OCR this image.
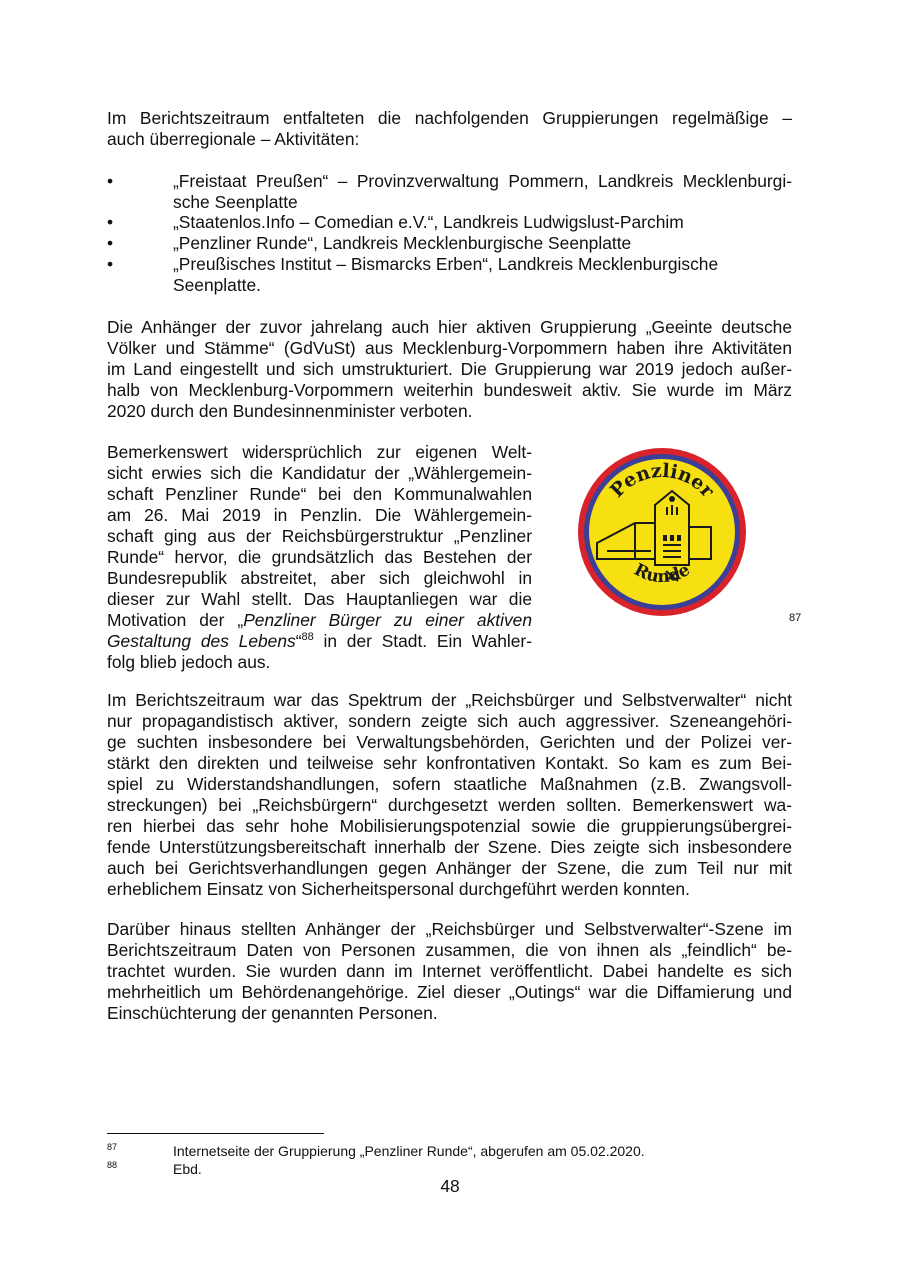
Im Berichtszeitraum entfalteten die nachfolgenden Gruppierungen regelmäßige –
auch überregionale – Aktivitäten:
•	„Freistaat Preußen“ – Provinzverwaltung Pommern, Landkreis Mecklenburgi-
sche Seenplatte
•	„Staatenlos.Info – Comedian e.V.“, Landkreis Ludwigslust-Parchim
•	„Penzliner Runde“, Landkreis Mecklenburgische Seenplatte
•	„Preußisches Institut – Bismarcks Erben“, Landkreis Mecklenburgische
Seenplatte.
Die Anhänger der zuvor jahrelang auch hier aktiven Gruppierung „Geeinte deutsche
Völker und Stämme“ (GdVuSt) aus Mecklenburg-Vorpommern haben ihre Aktivitäten
im Land eingestellt und sich umstrukturiert. Die Gruppierung war 2019 jedoch außer-
halb von Mecklenburg-Vorpommern weiterhin bundesweit aktiv. Sie wurde im März
2020 durch den Bundesinnenminister verboten.
Bemerkenswert widersprüchlich zur eigenen Welt-
sicht erwies sich die Kandidatur der „Wählergemein-
schaft Penzliner Runde“ bei den Kommunalwahlen
am 26. Mai 2019 in Penzlin. Die Wählergemein-
schaft ging aus der Reichsbürgerstruktur „Penzliner
Runde“ hervor, die grundsätzlich das Bestehen der
Bundesrepublik abstreitet, aber sich gleichwohl in
dieser zur Wahl stellt. Das Hauptanliegen war die
Motivation der „Penzliner Bürger zu einer aktiven
Gestaltung des Lebens“$^{88}$ in der Stadt. Ein Wahler-
folg blieb jedoch aus.
Penzliner
Runde
87
Im Berichtszeitraum war das Spektrum der „Reichsbürger und Selbstverwalter“ nicht
nur propagandistisch aktiver, sondern zeigte sich auch aggressiver. Szeneangehöri-
ge suchten insbesondere bei Verwaltungsbehörden, Gerichten und der Polizei ver-
stärkt den direkten und teilweise sehr konfrontativen Kontakt. So kam es zum Bei-
spiel zu Widerstandshandlungen, sofern staatliche Maßnahmen (z.B. Zwangsvoll-
streckungen) bei „Reichsbürgern“ durchgesetzt werden sollten. Bemerkenswert wa-
ren hierbei das sehr hohe Mobilisierungspotenzial sowie die gruppierungsübergrei-
fende Unterstützungsbereitschaft innerhalb der Szene. Dies zeigte sich insbesondere
auch bei Gerichtsverhandlungen gegen Anhänger der Szene, die zum Teil nur mit
erheblichem Einsatz von Sicherheitspersonal durchgeführt werden konnten.
Darüber hinaus stellten Anhänger der „Reichsbürger und Selbstverwalter“-Szene im
Berichtszeitraum Daten von Personen zusammen, die von ihnen als „feindlich“ be-
trachtet wurden. Sie wurden dann im Internet veröffentlicht. Dabei handelte es sich
mehrheitlich um Behördenangehörige. Ziel dieser „Outings“ war die Diffamierung und
Einschüchterung der genannten Personen.
87	Internetseite der Gruppierung „Penzliner Runde“, abgerufen am 05.02.2020.
88	Ebd.
48
